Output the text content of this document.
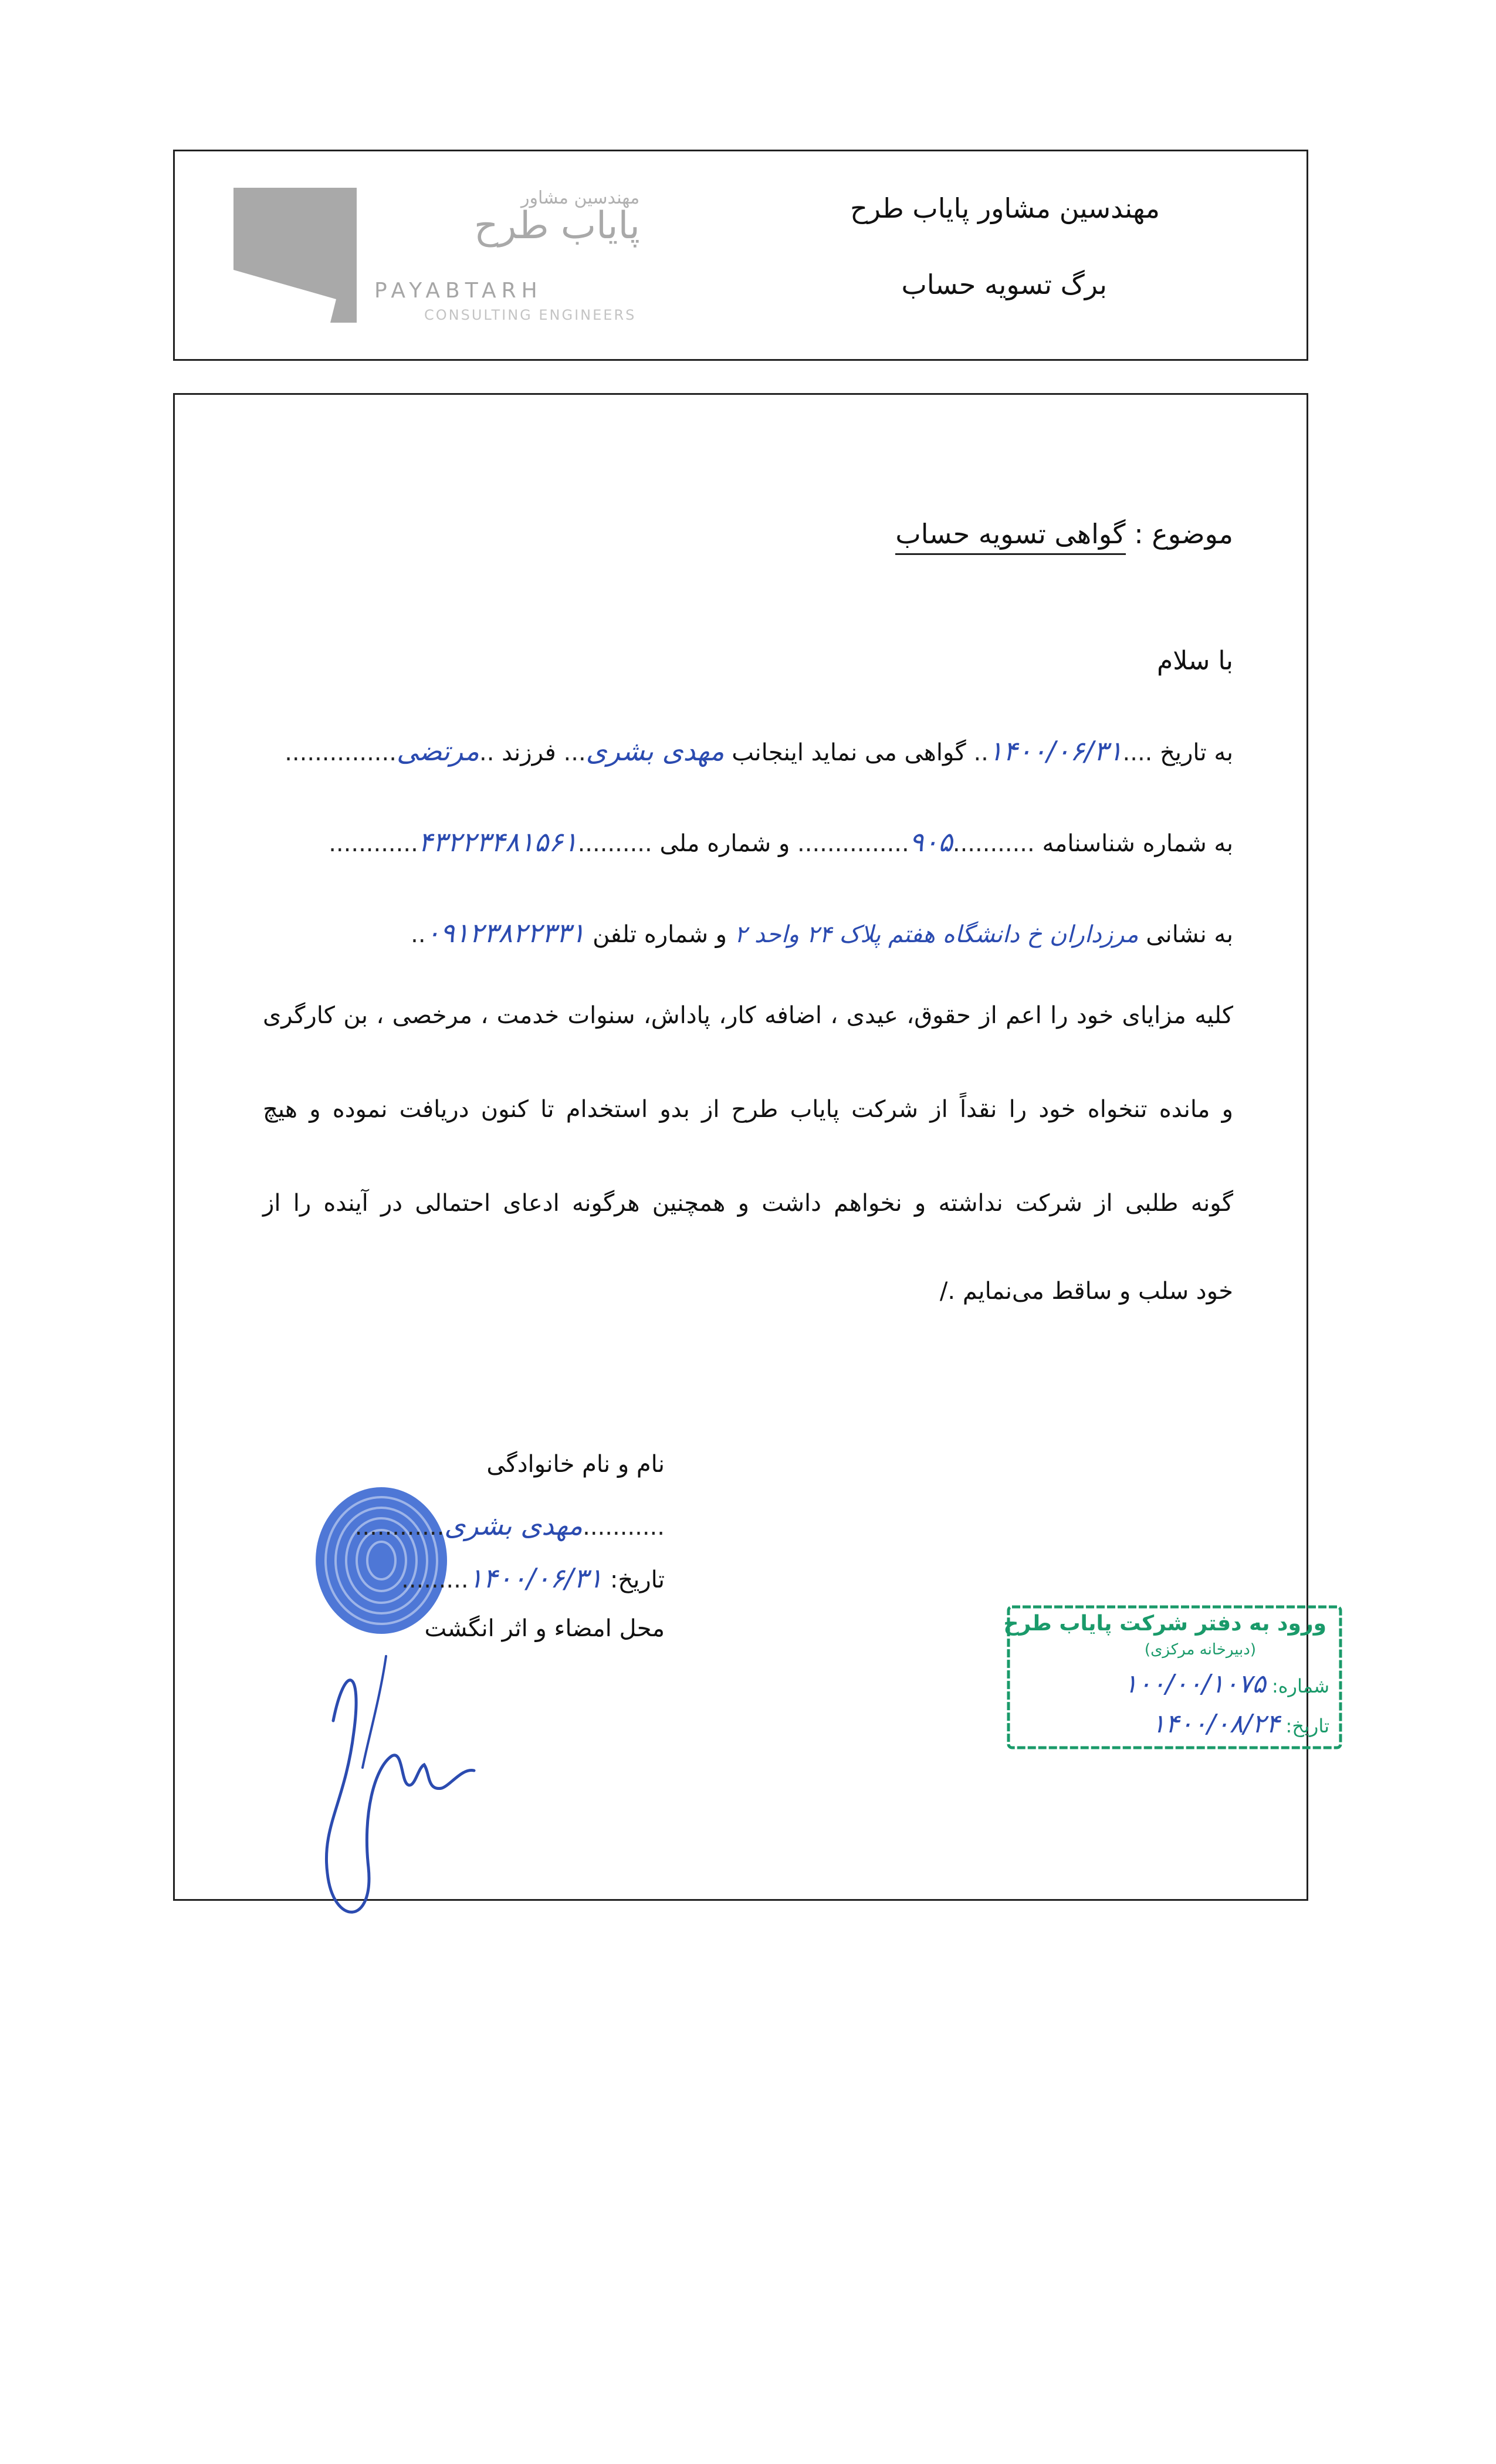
مهندسین مشاور
پایاب طرح
PAYABTARH
CONSULTING ENGINEERS
مهندسین مشاور پایاب طرح
برگ تسویه حساب
موضوع : گواهی تسویه حساب
با سلام
به تاریخ ....۱۴۰۰/۰۶/۳۱.. گواهی می نماید اینجانب مهدی بشری... فرزند ..مرتضی...............
به شماره شناسنامه ...........۹۰۵............... و شماره ملی ..........۴۳۲۲۳۴۸۱۵۶۱............
به نشانی مرزداران خ دانشگاه هفتم پلاک ۲۴ واحد ۲ و شماره تلفن ۰۹۱۲۳۸۲۲۳۳۱..
کلیه مزایای خود را اعم از حقوق، عیدی ، اضافه کار، پاداش، سنوات خدمت ، مرخصی ، بن کارگری
و مانده تنخواه خود را نقداً از شرکت پایاب طرح از بدو استخدام تا کنون دریافت نموده و هیچ
گونه طلبی از شرکت نداشته و نخواهم داشت و همچنین هرگونه ادعای احتمالی در آینده را از
خود سلب و ساقط می‌نمایم ./
نام و نام خانوادگی
...........مهدی بشری............
تاریخ: ۱۴۰۰/۰۶/۳۱.........
محل امضاء و اثر انگشت	ورود به دفتر شرکت پایاب طرح
(دبیرخانه مرکزی)
شماره: ۱۰۰/۰۰/۱۰۷۵
تاریخ: ۱۴۰۰/۰۸/۲۴
